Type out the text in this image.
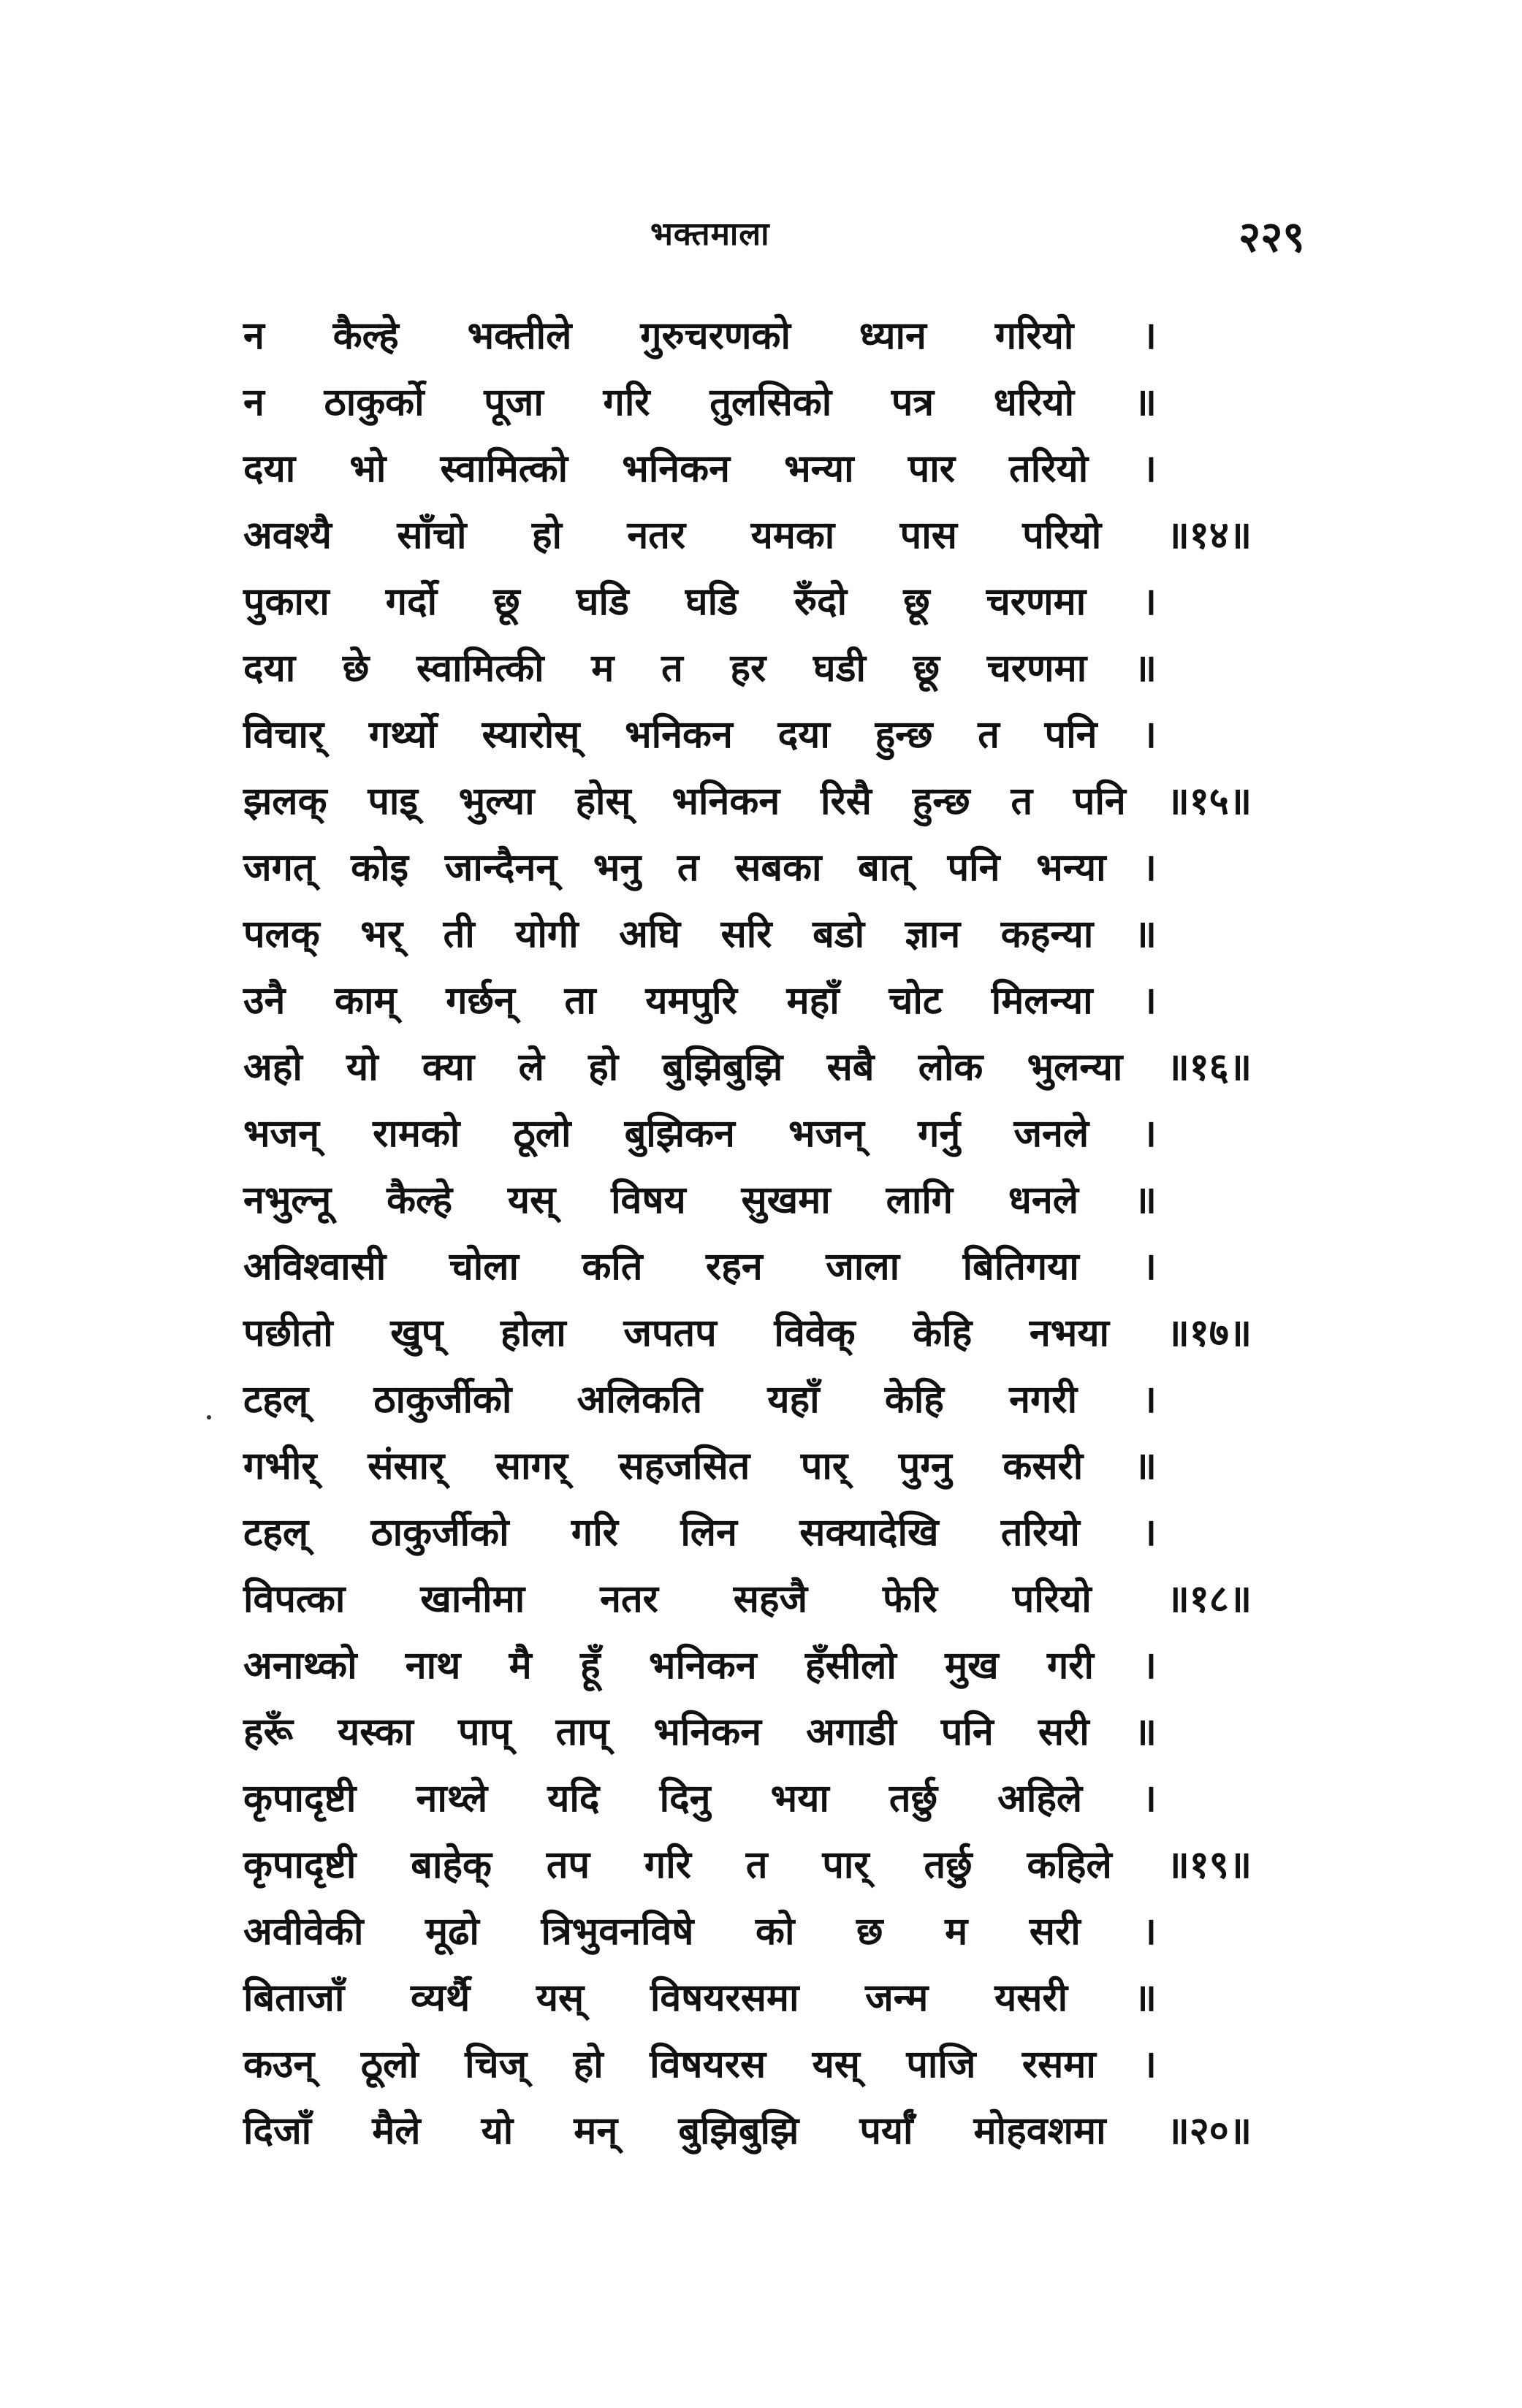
भक्तमाला	२२९
न कैल्हे भक्तीले गुरुचरणको ध्यान गरियो ।
न ठाकुर्को पूजा गरि तुलसिको पत्र धरियो ॥
दया भो स्वामित्को भनिकन भन्या पार तरियो ।
अवश्यै साँचो हो नतर यमका पास परियो ॥१४॥
पुकारा गर्दो छू घडि घडि रुँदो छू चरणमा ।
दया छे स्वामित्की म त हर घडी छू चरणमा ॥
विचार् गर्थ्यो स्यारोस् भनिकन दया हुन्छ त पनि ।
झलक् पाइ् भुल्या होस् भनिकन रिसै हुन्छ त पनि ॥१५॥
जगत् कोइ जान्दैनन् भनु त सबका बात् पनि भन्या ।
पलक् भर् ती योगी अघि सरि बडो ज्ञान कहन्या ॥
उनै काम् गर्छन् ता यमपुरि महाँ चोट मिलन्या ।
अहो यो क्या ले हो बुझिबुझि सबै लोक भुलन्या ॥१६॥
भजन् रामको ठूलो बुझिकन भजन् गर्नु जनले ।
नभुल्नू कैल्हे यस् विषय सुखमा लागि धनले ॥
अविश्वासी चोला कति रहन जाला बितिगया ।
पछीतो खुप् होला जपतप विवेक् केहि नभया ॥१७॥
टहल् ठाकुर्जीको अलिकति यहाँ केहि नगरी ।
गभीर् संसार् सागर् सहजसित पार् पुग्नु कसरी ॥
टहल् ठाकुर्जीको गरि लिन सक्यादेखि तरियो ।
विपत्का खानीमा नतर सहजै फेरि परियो ॥१८॥
अनाथ्को नाथ मै हूँ भनिकन हँसीलो मुख गरी ।
हरूँ यस्का पाप् ताप् भनिकन अगाडी पनि सरी ॥
कृपादृष्टी नाथ्ले यदि दिनु भया तर्छु अहिले ।
कृपादृष्टी बाहेक् तप गरि त पार् तर्छु कहिले ॥१९॥
अवीवेकी मूढो त्रिभुवनविषे को छ म सरी ।
बिताजाँ व्यर्थै यस् विषयरसमा जन्म यसरी ॥
कउन् ठूलो चिज् हो विषयरस यस् पाजि रसमा ।
दिजाँ मैले यो मन् बुझिबुझि पर्याँ मोहवशमा ॥२०॥
